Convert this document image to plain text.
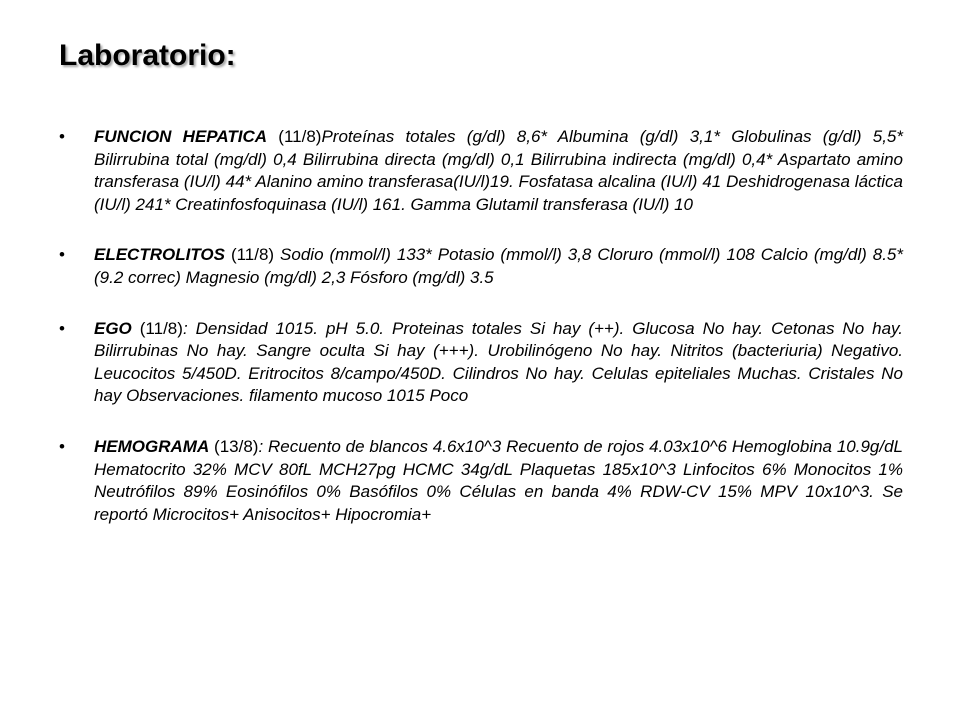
Laboratorio:
• FUNCION HEPATICA (11/8)Proteínas totales (g/dl) 8,6* Albumina (g/dl) 3,1* Globulinas (g/dl) 5,5* Bilirrubina total (mg/dl) 0,4 Bilirrubina directa (mg/dl) 0,1 Bilirrubina indirecta (mg/dl) 0,4* Aspartato amino transferasa (IU/l) 44* Alanino amino transferasa(IU/l)19. Fosfatasa alcalina (IU/l) 41 Deshidrogenasa láctica (IU/l) 241* Creatinfosfoquinasa (IU/l) 161. Gamma Glutamil transferasa (IU/l) 10
• ELECTROLITOS (11/8) Sodio (mmol/l) 133* Potasio (mmol/l) 3,8 Cloruro (mmol/l) 108 Calcio (mg/dl) 8.5* (9.2 correc) Magnesio (mg/dl) 2,3 Fósforo (mg/dl) 3.5
• EGO (11/8): Densidad 1015. pH 5.0. Proteinas totales Si hay (++). Glucosa No hay. Cetonas No hay. Bilirrubinas No hay. Sangre oculta Si hay (+++). Urobilinógeno No hay. Nitritos (bacteriuria) Negativo. Leucocitos 5/450D. Eritrocitos 8/campo/450D. Cilindros No hay. Celulas epiteliales Muchas. Cristales No hay Observaciones. filamento mucoso 1015 Poco
• HEMOGRAMA (13/8): Recuento de blancos 4.6x10^3 Recuento de rojos 4.03x10^6 Hemoglobina 10.9g/dL Hematocrito 32% MCV 80fL MCH27pg HCMC 34g/dL Plaquetas 185x10^3 Linfocitos 6% Monocitos 1% Neutrófilos 89% Eosinófilos 0% Basófilos 0% Células en banda 4% RDW-CV 15% MPV 10x10^3. Se reportó Microcitos+ Anisocitos+ Hipocromia+
